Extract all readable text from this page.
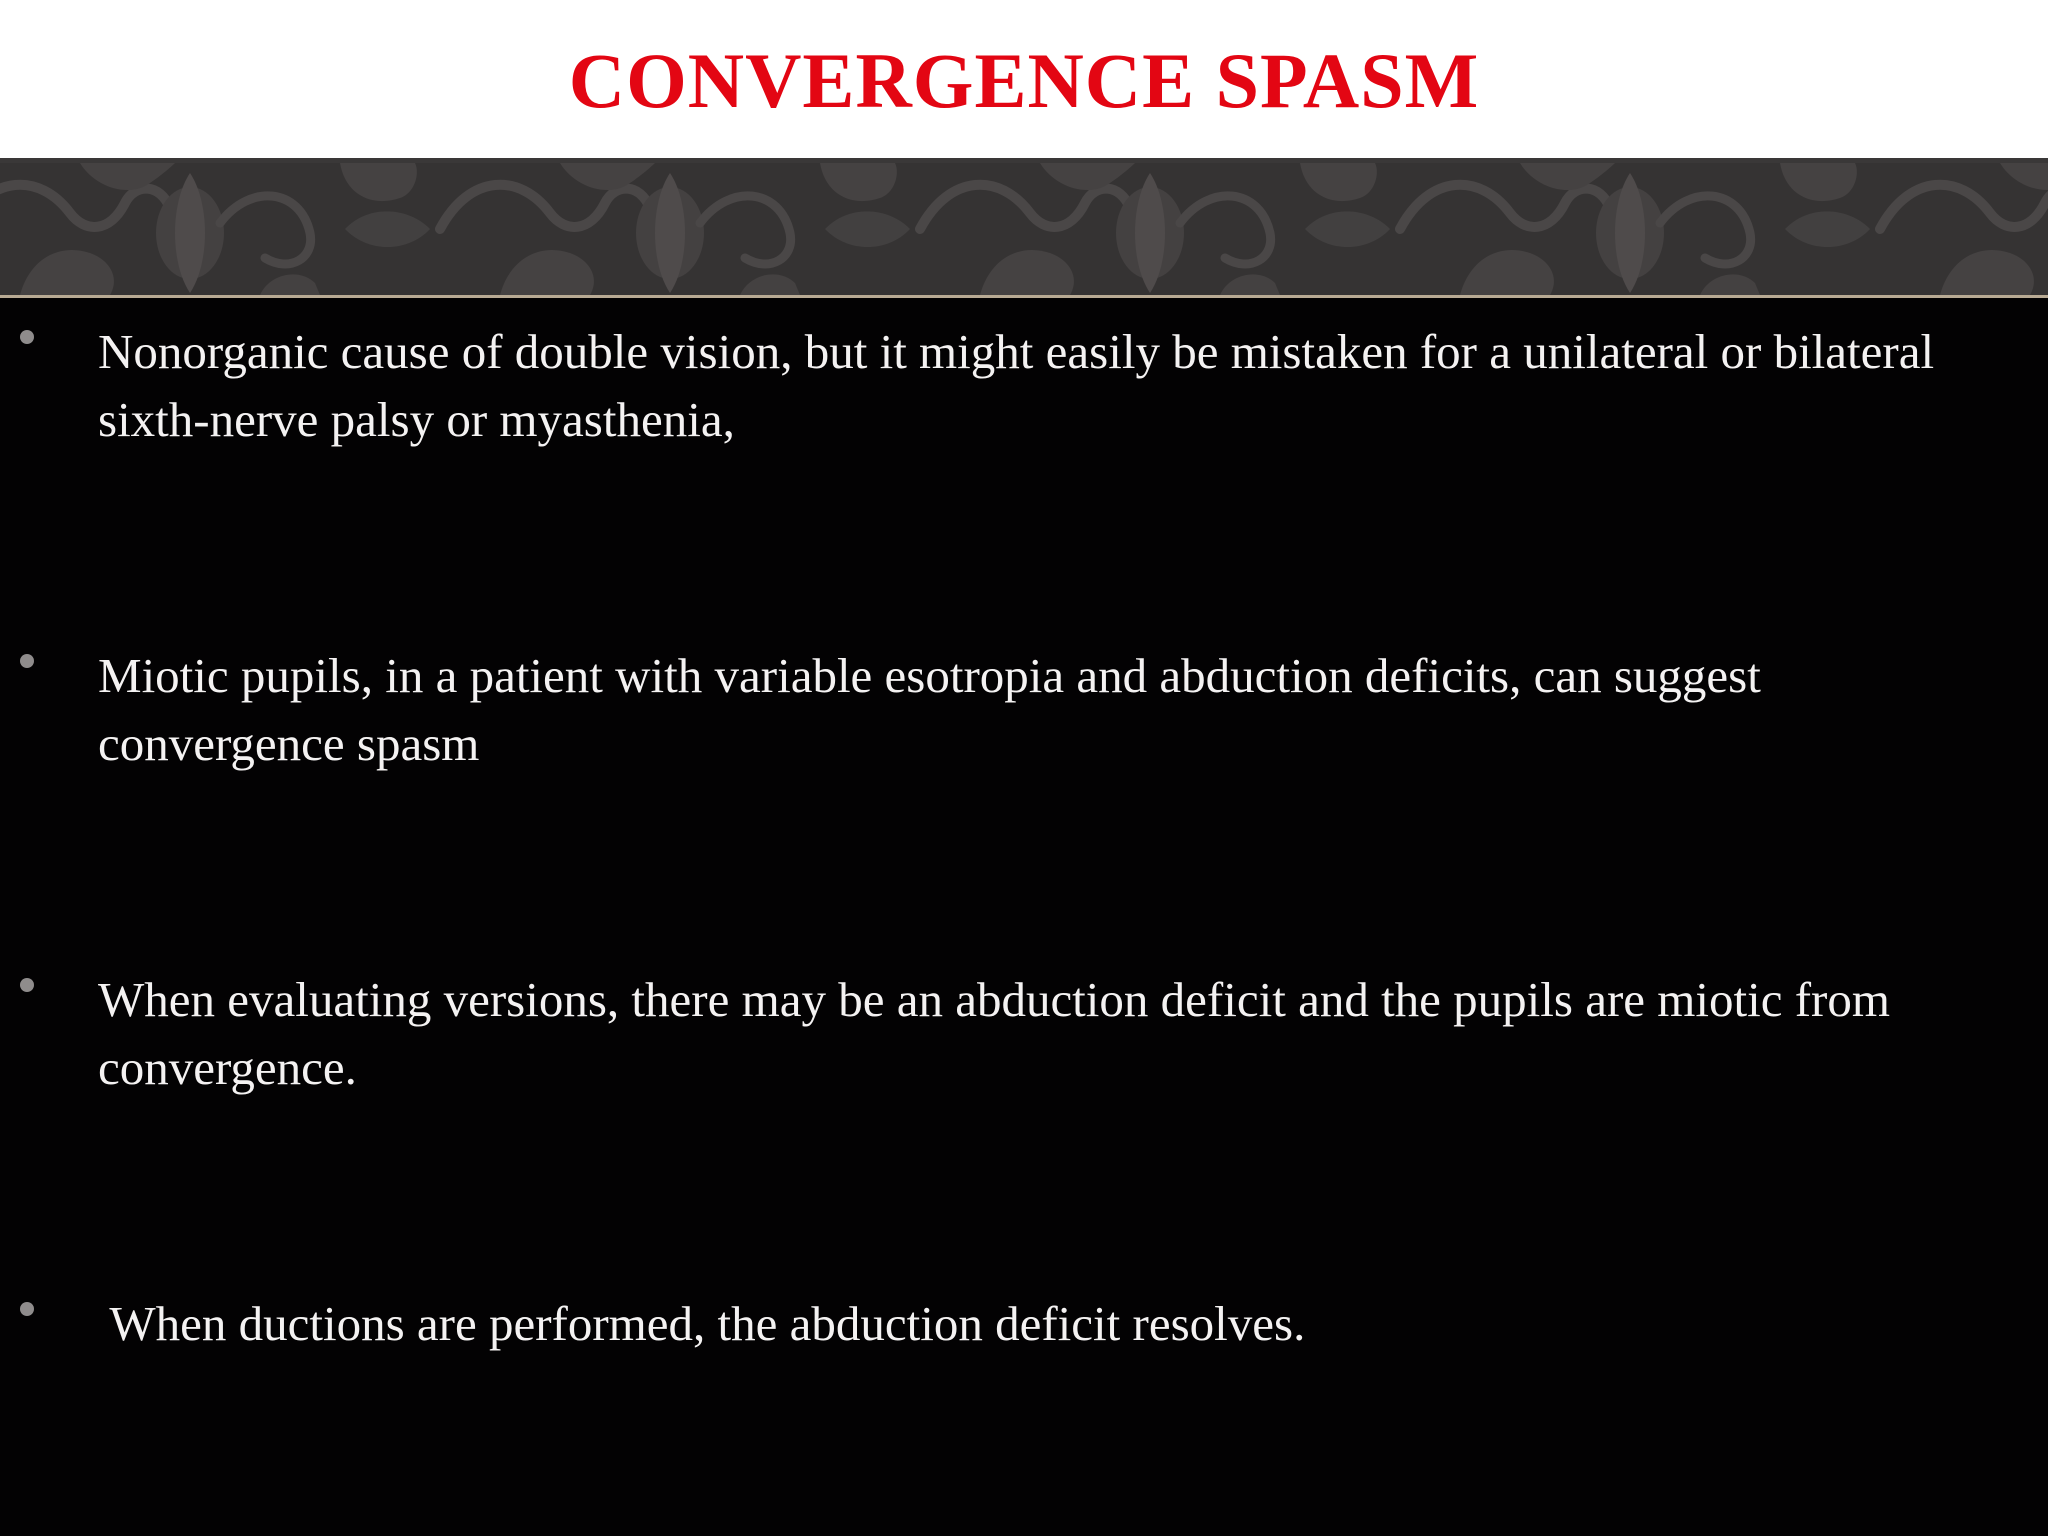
CONVERGENCE SPASM
Nonorganic cause of double vision, but it might easily be mistaken for a unilateral or bilateral sixth-nerve palsy or myasthenia,
Miotic pupils, in a patient with variable esotropia and abduction deficits, can suggest convergence spasm
When evaluating versions, there may be an abduction deficit and the pupils are miotic from convergence.
When ductions are performed, the abduction deficit resolves.
